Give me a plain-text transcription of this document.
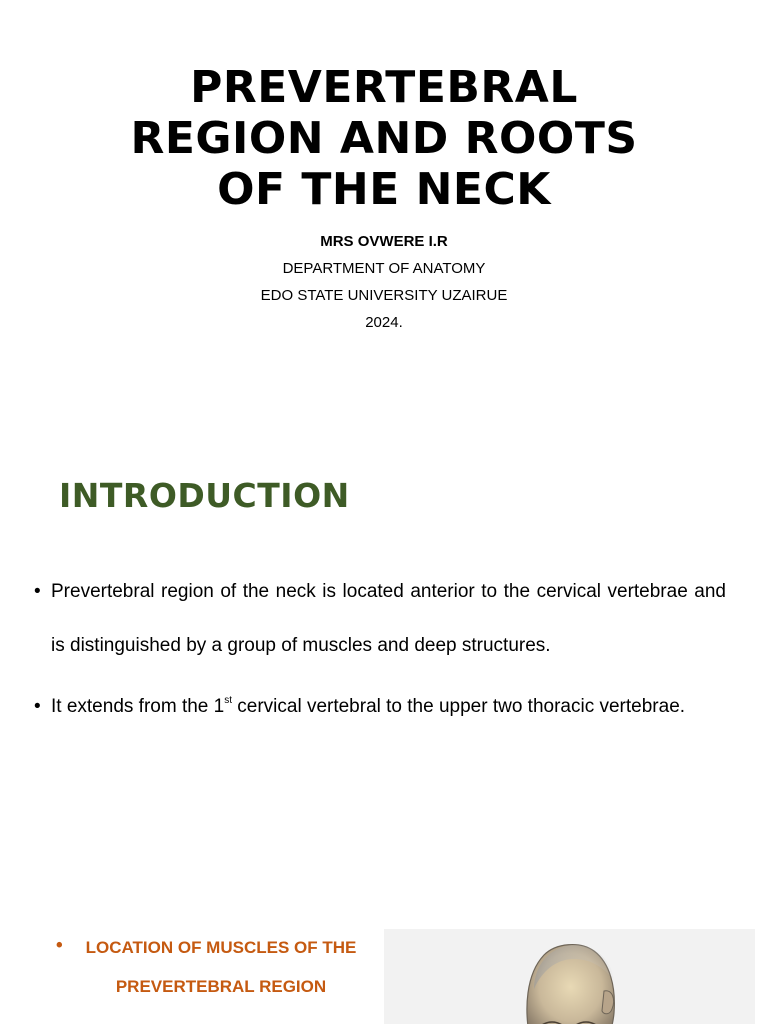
PREVERTEBRAL
REGION AND ROOTS
OF THE NECK
MRS OVWERE I.R
DEPARTMENT OF ANATOMY
EDO STATE UNIVERSITY UZAIRUE
2024.
INTRODUCTION
• Prevertebral region of the neck is located anterior to the cervical vertebrae and is distinguished by a group of muscles and deep structures.
• It extends from the 1st cervical vertebral to the upper two thoracic vertebrae.
•	LOCATION OF MUSCLES OF THE
PREVERTEBRAL REGION
